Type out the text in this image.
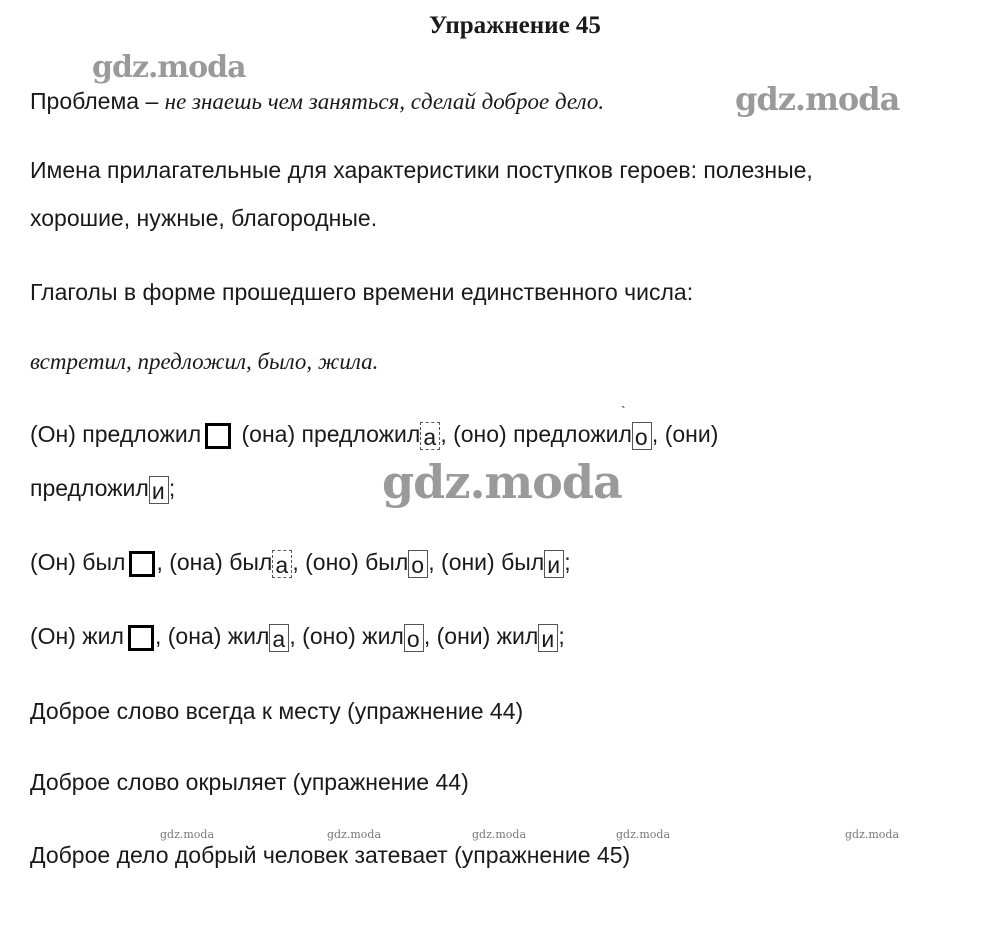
Упражнение 45
gdz.moda
Проблема – не знаешь чем заняться, сделай доброе дело.	gdz.moda
Имена прилагательные для характеристики поступков героев: полезные,
хорошие, нужные, благородные.
Глаголы в форме прошедшего времени единственного числа:
встретил, предложил, было, жила.
`
(Он) предложил (она) предложил а , (оно) предложил о , (они)
предложил и ;	gdz.moda
(Он) был , (она) был а , (оно) был о , (они) был и ;
(Он) жил , (она) жил а , (оно) жил о , (они) жил и ;
Доброе слово всегда к месту (упражнение 44)
Доброе слово окрыляет (упражнение 44)
gdz.moda	gdz.moda	gdz.moda	gdz.moda	gdz.moda
Доброе дело добрый человек затевает (упражнение 45)
